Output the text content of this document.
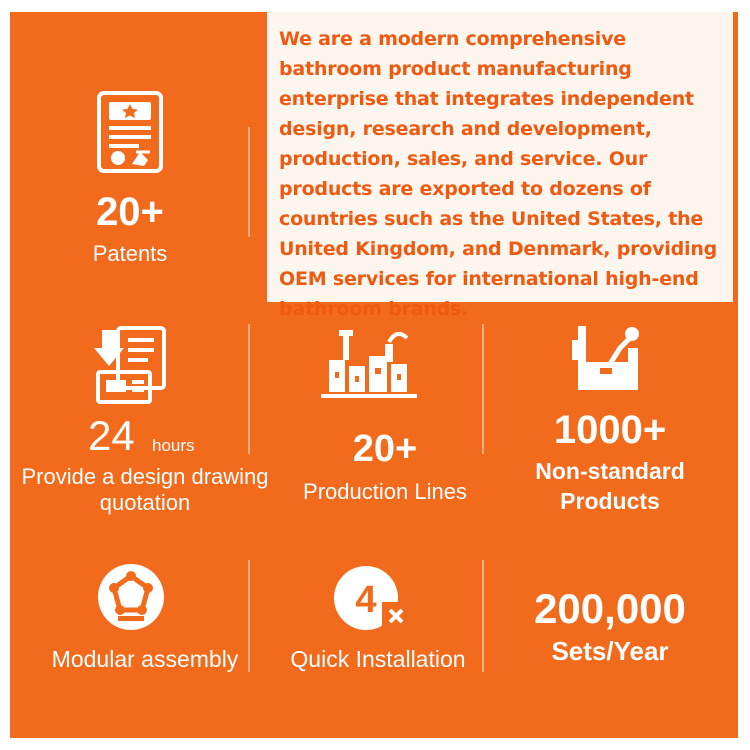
We are a modern comprehensive bathroom product manufacturing enterprise that integrates independent design, research and development, production, sales, and service. Our products are exported to dozens of countries such as the United States, the United Kingdom, and Denmark, providing OEM services for international high-end bathroom brands.

20+
Patents
24 hours
Provide a design drawing quotation
20+
Production Lines
1000+
Non-standard Products
Modular assembly
4
Quick Installation
200,000
Sets/Year
